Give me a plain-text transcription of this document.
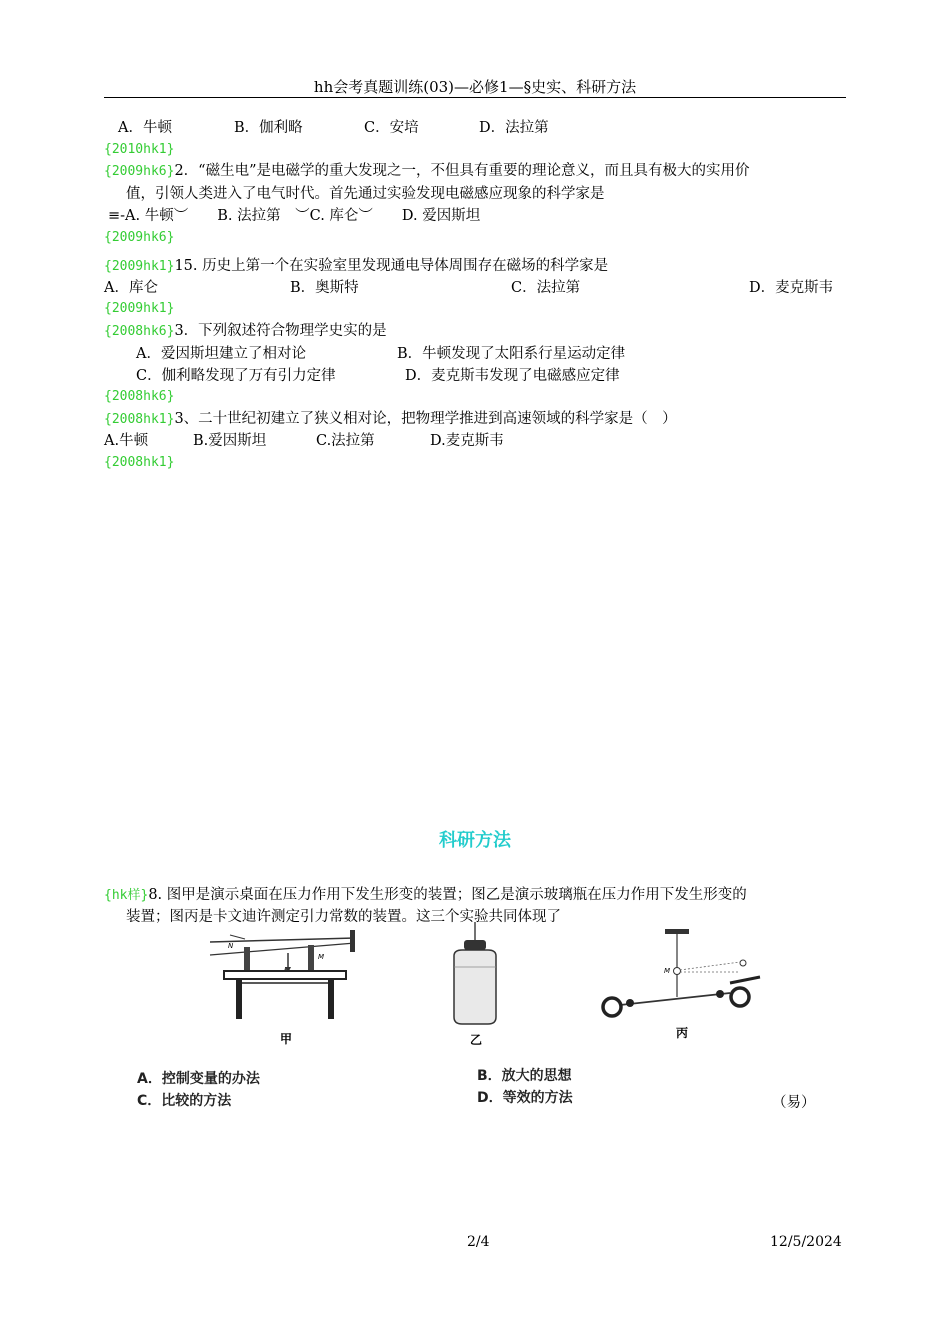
hh会考真题训练(03)—必修1—§史实、科研方法
A．牛顿	B．伽利略	C．安培	D．法拉第
{2010hk1}
{2009hk6}2．“磁生电”是电磁学的重大发现之一，不但具有重要的理论意义，而且具有极大的实用价
值，引领人类进入了电气时代。首先通过实验发现电磁感应现象的科学家是
≡-A. 牛顿︶　　B. 法拉第　︶C. 库仑︶　　D. 爱因斯坦
{2009hk6}
{2009hk1}15. 历史上第一个在实验室里发现通电导体周围存在磁场的科学家是
A．库仑	B．奥斯特	C．法拉第	D．麦克斯韦
{2009hk1}
{2008hk6}3．下列叙述符合物理学史实的是
A．爱因斯坦建立了相对论	B．牛顿发现了太阳系行星运动定律
C．伽利略发现了万有引力定律	D．麦克斯韦发现了电磁感应定律
{2008hk6}
{2008hk1}3、二十世纪初建立了狭义相对论，把物理学推进到高速领域的科学家是（　）
A.牛顿	B.爱因斯坦	C.法拉第	D.麦克斯韦
{2008hk1}
科研方法
{hk样}8. 图甲是演示桌面在压力作用下发生形变的装置；图乙是演示玻璃瓶在压力作用下发生形变的
装置；图丙是卡文迪许测定引力常数的装置。这三个实验共同体现了
N
M
甲	乙
M
丙
A．控制变量的办法	B．放大的思想
C．比较的方法	D．等效的方法	（易）
2/4	12/5/2024
